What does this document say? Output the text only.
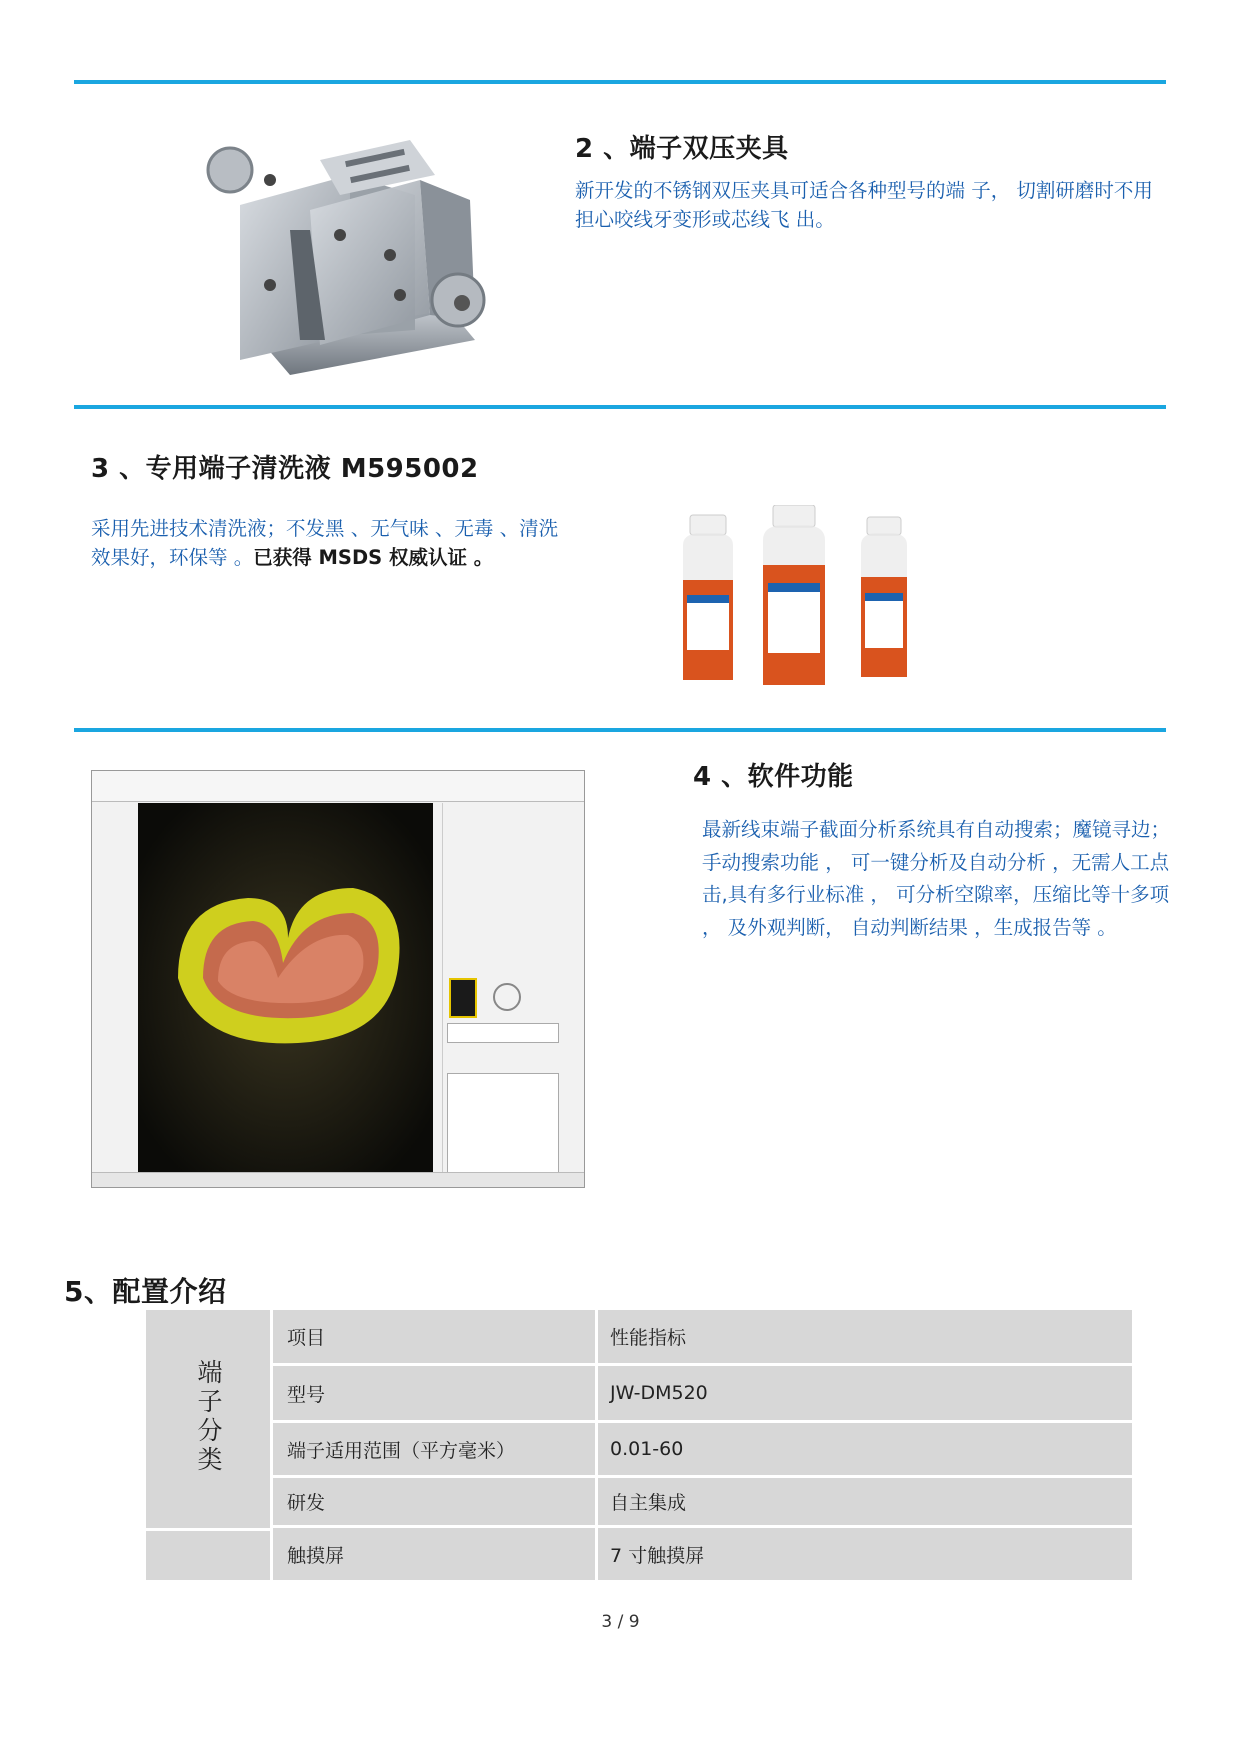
2 、端子双压夹具
新开发的不锈钢双压夹具可适合各种型号的端 子， 切割研磨时不用担心咬线牙变形或芯线飞 出。
3 、专用端子清洗液 M595002
采用先进技术清洗液；不发黑 、无气味 、无毒 、清洗效果好，环保等 。已获得 MSDS 权威认证 。
4 、软件功能
最新线束端子截面分析系统具有自动搜索；魔镜寻边；手动搜索功能 ， 可一键分析及自动分析 ，无需人工点击,具有多行业标准 ， 可分析空隙率，压缩比等十多项 ， 及外观判断， 自动判断结果 ，生成报告等 。
5、配置介绍
端子分类	项目	性能指标
	型号	JW-DM520
	端子适用范围（平方毫米）	0.01-60
	研发	自主集成
	触摸屏	7 寸触摸屏
3 / 9
